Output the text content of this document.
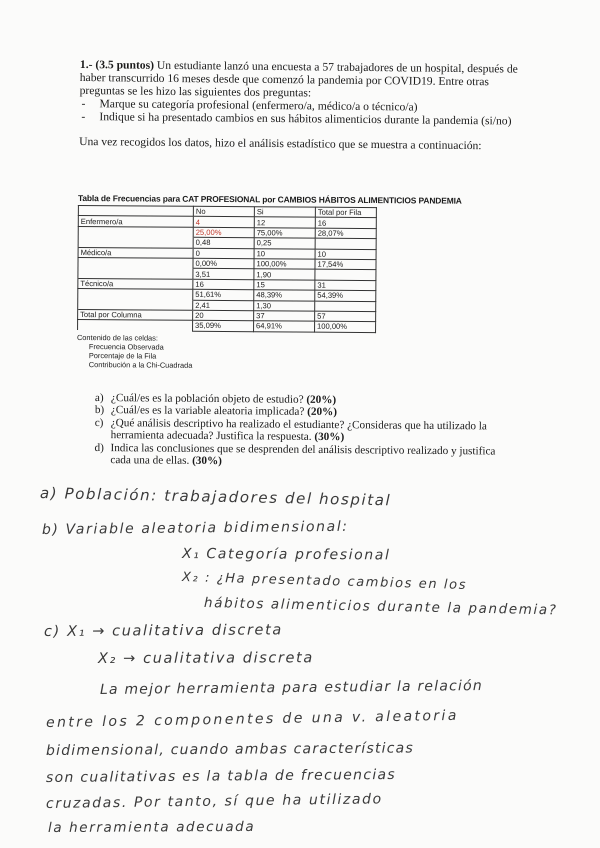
1.- (3.5 puntos) Un estudiante lanzó una encuesta a 57 trabajadores de un hospital, después de haber transcurrido 16 meses desde que comenzó la pandemia por COVID19. Entre otras preguntas se les hizo las siguientes dos preguntas:
- Marque su categoría profesional (enfermero/a, médico/a o técnico/a)
- Indique si ha presentado cambios en sus hábitos alimenticios durante la pandemia (si/no)
Una vez recogidos los datos, hizo el análisis estadístico que se muestra a continuación:
Tabla de Frecuencias para CAT PROFESIONAL por CAMBIOS HÁBITOS ALIMENTICIOS PANDEMIA
	No	Si	Total por Fila
Enfermero/a	4	12	16
	25,00%	75,00%	28,07%
	0,48	0,25	
Médico/a	0	10	10
	0,00%	100,00%	17,54%
	3,51	1,90	
Técnico/a	16	15	31
	51,61%	48,39%	54,39%
	2,41	1,30	
Total por Columna	20	37	57
	35,09%	64,91%	100,00%
Contenido de las celdas:
Frecuencia Observada
Porcentaje de la Fila
Contribución a la Chi-Cuadrada
a) ¿Cuál/es es la población objeto de estudio? (20%)
b) ¿Cuál/es es la variable aleatoria implicada? (20%)
c) ¿Qué análisis descriptivo ha realizado el estudiante? ¿Consideras que ha utilizado la herramienta adecuada? Justifica la respuesta. (30%)
d) Indica las conclusiones que se desprenden del análisis descriptivo realizado y justifica cada una de ellas. (30%)
a) Población: trabajadores del hospital
b) Variable aleatoria bidimensional:
X₁ Categoría profesional
X₂ : ¿Ha presentado cambios en los
hábitos alimenticios durante la pandemia?
c) X₁ → cualitativa discreta
X₂ → cualitativa discreta
La mejor herramienta para estudiar la relación
entre los 2 componentes de una v. aleatoria
bidimensional, cuando ambas características
son cualitativas es la tabla de frecuencias
cruzadas. Por tanto, sí que ha utilizado
la herramienta adecuada
